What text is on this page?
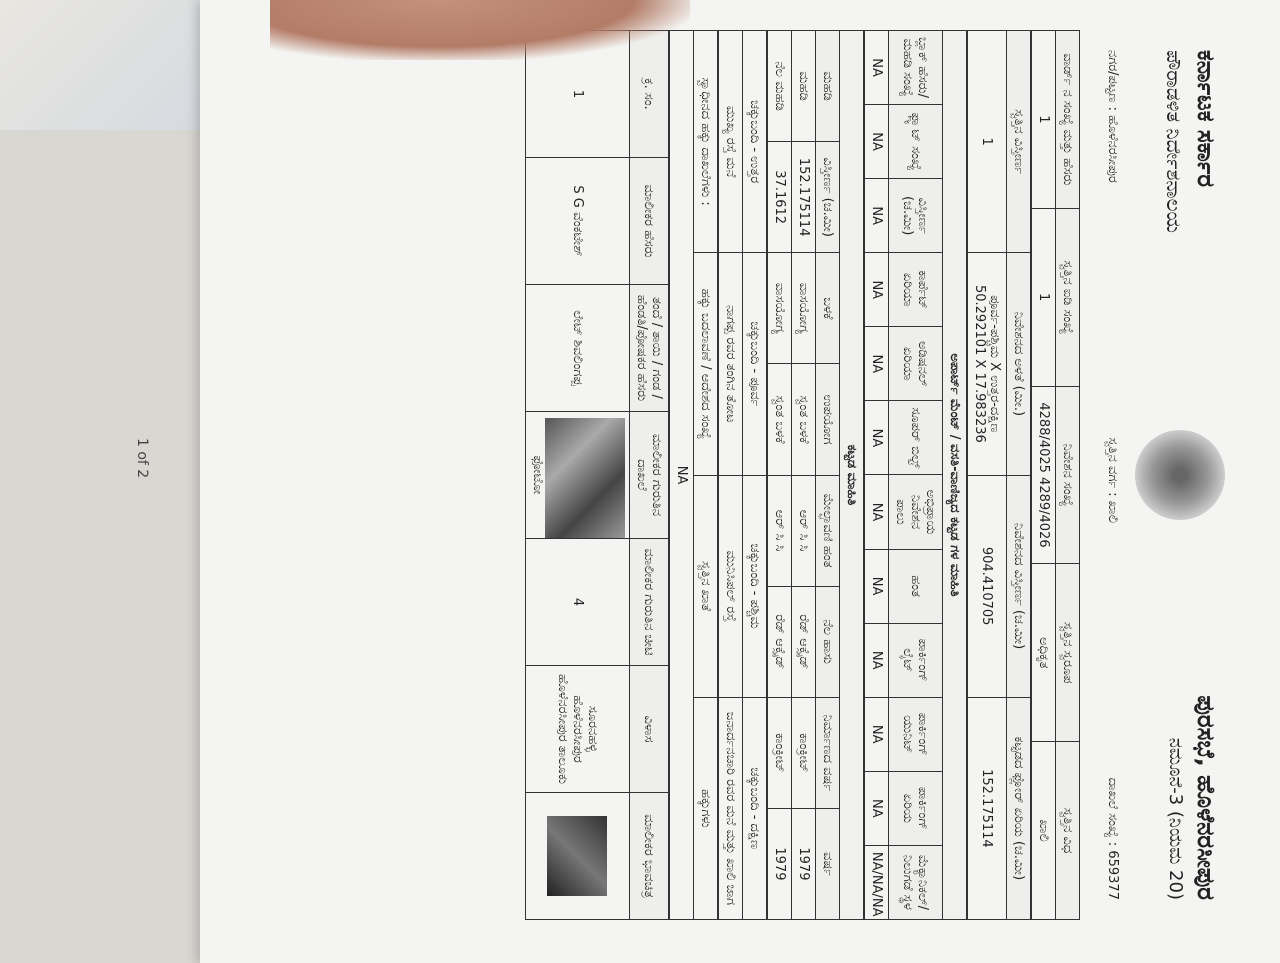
1 of 2
ಕರ್ನಾಟಕ ಸರ್ಕಾರ
ಪೌರಾಡಳಿತ ನಿರ್ದೇಶನಾಲಯ
ಪುರಸಭೆ, ಹೊಳೆನರಸೀಪುರ
ನಮೂನೆ-3 (ನಿಯಮ 20)
ನಗರ/ಪಟ್ಟಣ : ಹೊಳೆನರಸೀಪುರ
ಸ್ವತ್ತಿನ ವರ್ಗ : ಖಾಲಿ
ದಾಖಲೆ ಸಂಖ್ಯೆ : 659377
ವಾರ್ಡ್ ನ ಸಂಖ್ಯೆ ಮತ್ತು ಹೆಸರು	ಸ್ವತ್ತಿನ ಐಡಿ ಸಂಖ್ಯೆ	ನಿವೇಶನ ಸಂಖ್ಯೆ	ಸ್ವತ್ತಿನ ಸ್ವರೂಪ	ಸ್ವತ್ತಿನ ವಿಧ
1	1	4288/4025 4289/4026	ಅಧಿಕೃತ	ಖಾಲಿ
ಸ್ವತ್ತಿನ ವಿಸ್ತೀರ್ಣ	ನಿವೇಶನದ ಅಳತೆ (ಮೀ.)	ನಿವೇಶನದ ವಿಸ್ತೀರ್ಣ (ಚ.ಮೀ)	ಕಟ್ಟಡದ ಫ್ಲೋರ್ ಏರಿಯ (ಚ.ಮೀ)
1	ಪೂರ್ವ-ಪಶ್ಚಿಮ X ಉತ್ತರ-ದಕ್ಷಿಣ 50.292101 X 17.983236	904.410705	152.175114
ಅಪಾರ್ಟ್ ಮೆಂಟ್ / ವಸತಿ-ವಾಣಿಜ್ಯದ ಕಟ್ಟಡ ಗಳ ಮಾಹಿತಿ											
ಬ್ಲಾಕ್ ಹೆಸರು/ ಮಹಡಿ ಸಂಖ್ಯೆ	ಫ್ಲ್ಯಾಟ್ ಸಂಖ್ಯೆ	ವಿಸ್ತೀರ್ಣ (ಚ.ಮೀ)	ಕಾರ್ಪೆಟ್ ಏರಿಯಾ	ಅಡಿಷನಲ್ ಏರಿಯಾ	ಸೂಪರ್ ಬಿಲ್ಟ್	ಅಭಿಪ್ರಾಯ ನಿವೇಶನ ಪಾಲು	ಹಂತ	ಪಾರ್ಕಿಂಗ್ ಲೈಟ್	ಪಾರ್ಕಿಂಗ್ ಯುನಿಟ್	ಪಾರ್ಕಿಂಗ್ ಏರಿಯ	ಮೆಕ್ಯಾನಿಕಲ್/ನಿಲುಗಡೆ ಸ್ಥಳ
NA	NA	NA	NA	NA	NA	NA	NA	NA	NA	NA	NA/NA/NA
ಕಟ್ಟಡ ಮಾಹಿತಿ							
ಮಹಡಿ	ವಿಸ್ತೀರ್ಣ (ಚ.ಮೀ)	ಬಳಕೆ	ಉಪಯೋಗ	ಮೇಲ್ಛಾವಣಿ ಹಂತ	ನೆಲ ಹಾಸು	ನಿರ್ಮಾಣದ ವರ್ಷ	ವರ್ಷ
ಮಹಡಿ	152.175114	ವಾಸಯೋಗ್ಯ	ಸ್ವಂತ ಬಳಕೆ	ಆರ್ ಸಿ ಸಿ	ರೆಡ್ ಆಕ್ಸೈಡ್	ಕಾಂಕ್ರೀಟ್	1979
ನೆಲ ಮಹಡಿ	37.1612	ವಾಸಯೋಗ್ಯ	ಸ್ವಂತ ಬಳಕೆ	ಆರ್ ಸಿ ಸಿ	ರೆಡ್ ಆಕ್ಸೈಡ್	ಕಾಂಕ್ರೀಟ್	1979
ಚಕ್ಕುಬಂದಿ - ಉತ್ತರ	ಚಕ್ಕುಬಂದಿ - ಪೂರ್ವ	ಚಕ್ಕುಬಂದಿ - ಪಶ್ಚಿಮ	ಚಕ್ಕುಬಂದಿ - ದಕ್ಷಿಣ
ಮುಖ್ಯ ರಸ್ತೆ ಮನೆ	ನಾಗಪ್ಪ ರವರ ತಂಗಿನ ತೋಟ	ಮುನಿಸಿಪಲ್ ರಸ್ತೆ	ಜನಾರ್ದನಚಾರಿ ರವರ ಮನೆ ಮತ್ತು ಖಾಲಿ ಜಾಗ
ಸ್ವಾಧೀನದ ಹಕ್ಕು ದಾಖಲೆಗಳು :	ಹಕ್ಕು ಬದಲಾವಣೆ / ಆದೇಶದ ಸಂಖ್ಯೆ	ಸ್ವತ್ತಿನ ಖಾತೆ	ಹಕ್ಕುಗಳು
NA
ಕ್ರ. ಸಂ.	ಮಾಲೀಕರ ಹೆಸರು	ತಂದೆ / ತಾಯಿ / ಗಂಡ / ಹೆಂಡತಿ/ಪೋಷಕರ ಹೆಸರು	ಮಾಲೀಕರ ಗುರುತಿನ ದಾಖಲೆ	ಮಾಲೀಕರ ಗುರುತಿನ ಚೀಟಿ	ವಿಳಾಸ	ಮಾಲೀಕರ ಭಾವಚಿತ್ರ
1	S G ವೆಂಕಟೇಶ್	ಲೇಟ್ ಶಿವಲಿಂಗಪ್ಪ	ಫೋಟೋ	4	ಸೂರನಹಳ್ಳಿ ಹೊಳೆನರಸೀಪುರ ಹೊಳೆನರಸೀಪುರ ತಾಲೂಕು	
